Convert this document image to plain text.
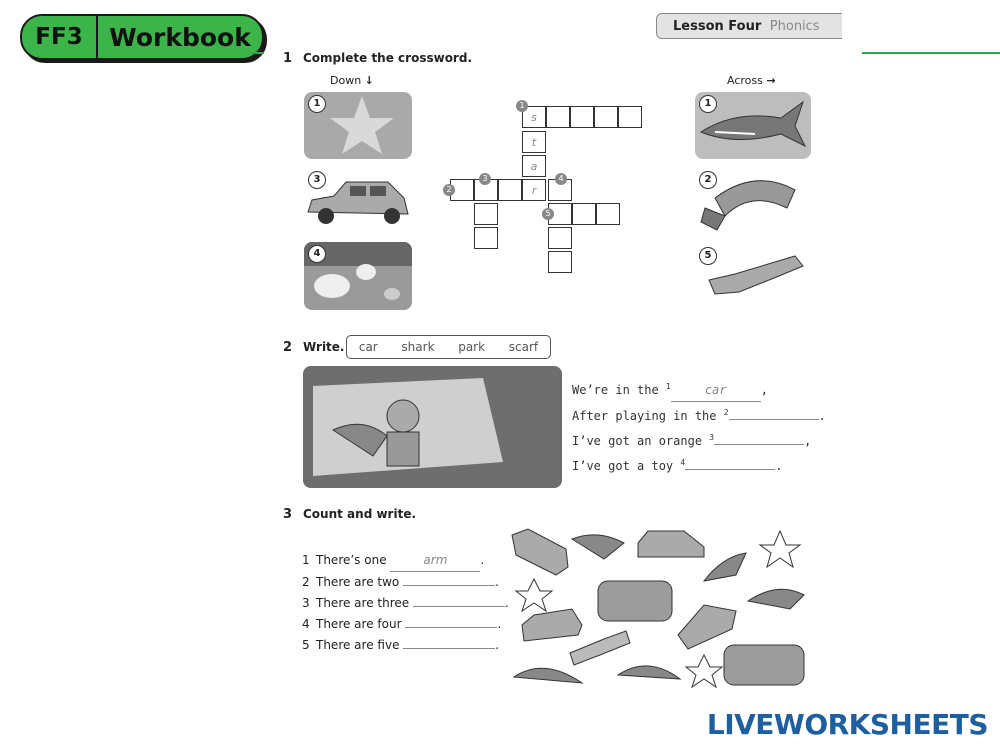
FF3	Workbook	Lesson Four Phonics
1 Complete the crossword.
Down ↓	Across →
1
3
4
s
t
a
r
1
2
3	4
5
1
2
5
2 Write. car shark park scarf
We’re in the $^1$	car	,
After playing in the $^2$	.
I’ve got an orange $^3$	,
I’ve got a toy $^4$	.
3 Count and write.
1 There’s one	arm	.
2 There are two	.
3 There are three	.
4 There are four	.
5 There are five	.
LIVEWORKSHEETS
